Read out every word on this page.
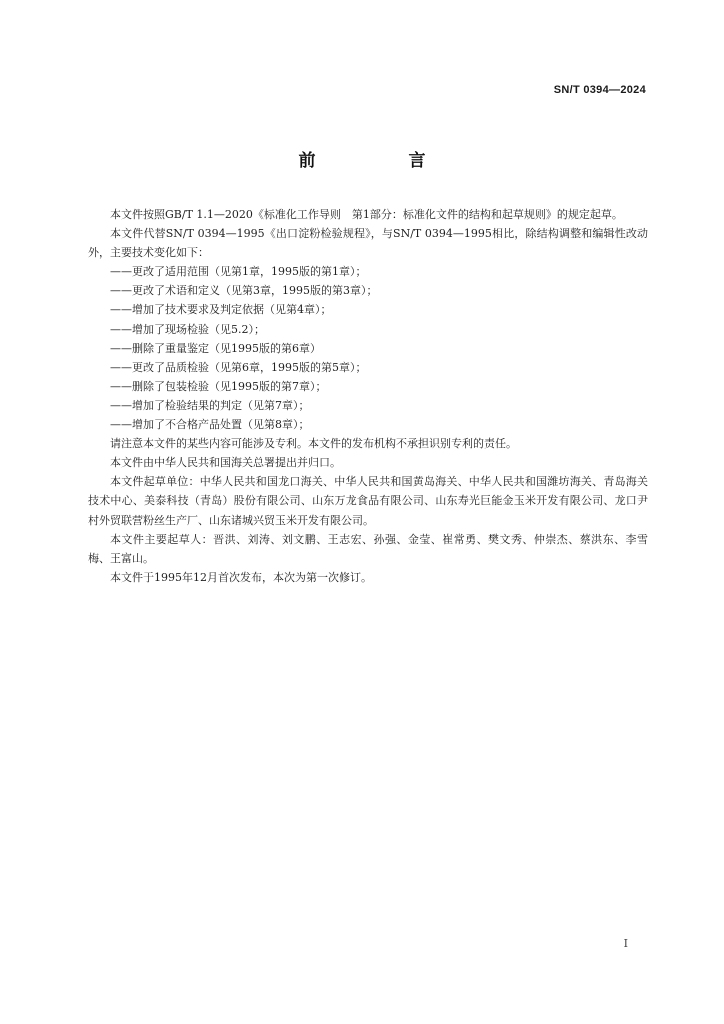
SN/T 0394—2024
前　言

本文件按照GB/T 1.1—2020《标准化工作导则　第1部分：标准化文件的结构和起草规则》的规定起草。

本文件代替SN/T 0394—1995《出口淀粉检验规程》，与SN/T 0394—1995相比，除结构调整和编辑性改动外，主要技术变化如下：

——更改了适用范围（见第1章，1995版的第1章）；

——更改了术语和定义（见第3章，1995版的第3章）；

——增加了技术要求及判定依据（见第4章）；

——增加了现场检验（见5.2）；

——删除了重量鉴定（见1995版的第6章）

——更改了品质检验（见第6章，1995版的第5章）；

——删除了包装检验（见1995版的第7章）；

——增加了检验结果的判定（见第7章）；

——增加了不合格产品处置（见第8章）；

请注意本文件的某些内容可能涉及专利。本文件的发布机构不承担识别专利的责任。

本文件由中华人民共和国海关总署提出并归口。

本文件起草单位：中华人民共和国龙口海关、中华人民共和国黄岛海关、中华人民共和国潍坊海关、青岛海关技术中心、美泰科技（青岛）股份有限公司、山东万龙食品有限公司、山东寿光巨能金玉米开发有限公司、龙口尹村外贸联营粉丝生产厂、山东诸城兴贸玉米开发有限公司。

本文件主要起草人：晋洪、刘涛、刘文鹏、王志宏、孙强、金莹、崔常勇、樊文秀、仲崇杰、蔡洪东、李雪梅、王富山。

本文件于1995年12月首次发布，本次为第一次修订。

I
